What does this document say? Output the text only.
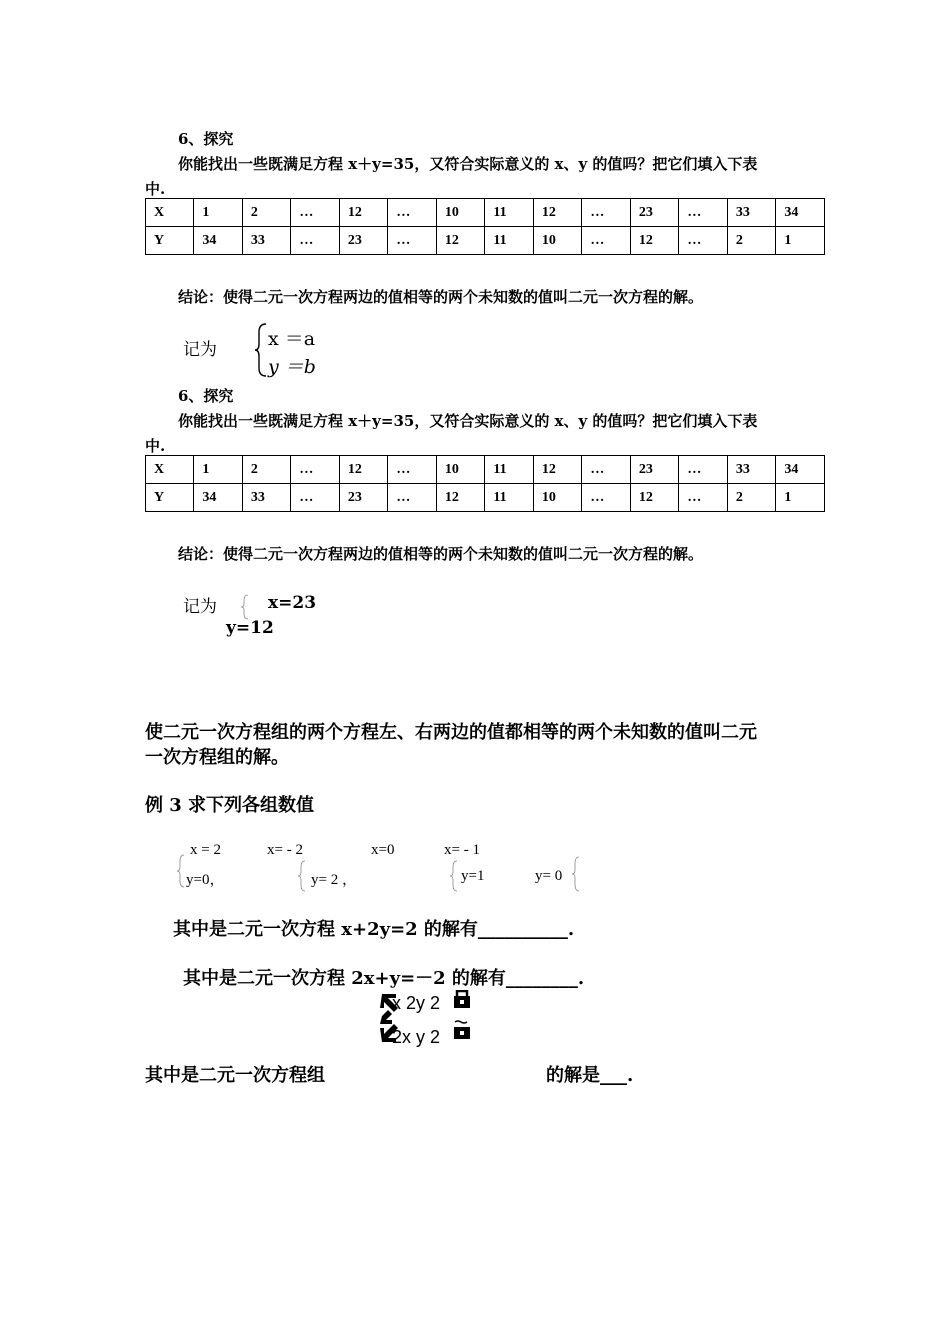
6、探究
你能找出一些既满足方程 x＋y=35，又符合实际意义的 x、y 的值吗？把它们填入下表
中.
X	1	2	…	12	…	10	11	12	…	23	…	33	34
Y	34	33	…	23	…	12	11	10	…	12	…	2	1
结论：使得二元一次方程两边的值相等的两个未知数的值叫二元一次方程的解。
记为	x ＝a
y ＝b
6、探究
你能找出一些既满足方程 x＋y=35，又符合实际意义的 x、y 的值吗？把它们填入下表
中.
X	1	2	…	12	…	10	11	12	…	23	…	33	34
Y	34	33	…	23	…	12	11	10	…	12	…	2	1
结论：使得二元一次方程两边的值相等的两个未知数的值叫二元一次方程的解。
记为	x=23
y=12
使二元一次方程组的两个方程左、右两边的值都相等的两个未知数的值叫二元
一次方程组的解。
例 3 求下列各组数值
x = 2	x= - 2	x=0	x= - 1
y=0，	y= 2 ，	y=1	y= 0
其中是二元一次方程 x+2y=2 的解有__________.
其中是二元一次方程 2x+y=－2 的解有________.
x 2y 2
2x y 2
其中是二元一次方程组	的解是___.
